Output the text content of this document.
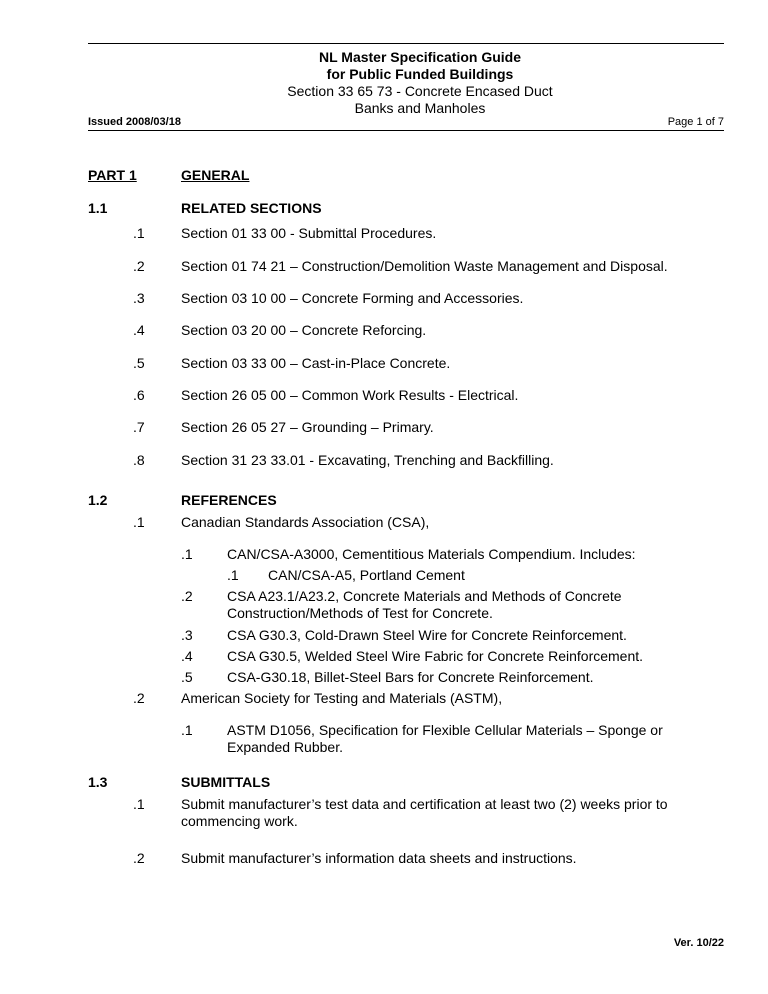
NL Master Specification Guide
for Public Funded Buildings
Section 33 65 73 - Concrete Encased Duct
Banks and Manholes
Issued 2008/03/18	Page 1 of 7
PART 1	GENERAL
1.1	RELATED SECTIONS
.1	Section 01 33 00 - Submittal Procedures.
.2	Section 01 74 21 – Construction/Demolition Waste Management and Disposal.
.3	Section 03 10 00 – Concrete Forming and Accessories.
.4	Section 03 20 00 – Concrete Reforcing.
.5	Section 03 33 00 – Cast-in-Place Concrete.
.6	Section 26 05 00 – Common Work Results - Electrical.
.7	Section 26 05 27 – Grounding – Primary.
.8	Section 31 23 33.01 - Excavating, Trenching and Backfilling.
1.2	REFERENCES
.1	Canadian Standards Association (CSA),
.1 CAN/CSA-A3000, Cementitious Materials Compendium. Includes:
.1 CAN/CSA-A5, Portland Cement
.2 CSA A23.1/A23.2, Concrete Materials and Methods of Concrete Construction/Methods of Test for Concrete.
.3 CSA G30.3, Cold-Drawn Steel Wire for Concrete Reinforcement.
.4 CSA G30.5, Welded Steel Wire Fabric for Concrete Reinforcement.
.5 CSA-G30.18, Billet-Steel Bars for Concrete Reinforcement.
.2	American Society for Testing and Materials (ASTM),
.1 ASTM D1056, Specification for Flexible Cellular Materials – Sponge or Expanded Rubber.
1.3	SUBMITTALS
.1	Submit manufacturer’s test data and certification at least two (2) weeks prior to commencing work.
.2	Submit manufacturer’s information data sheets and instructions.
Ver. 10/22
